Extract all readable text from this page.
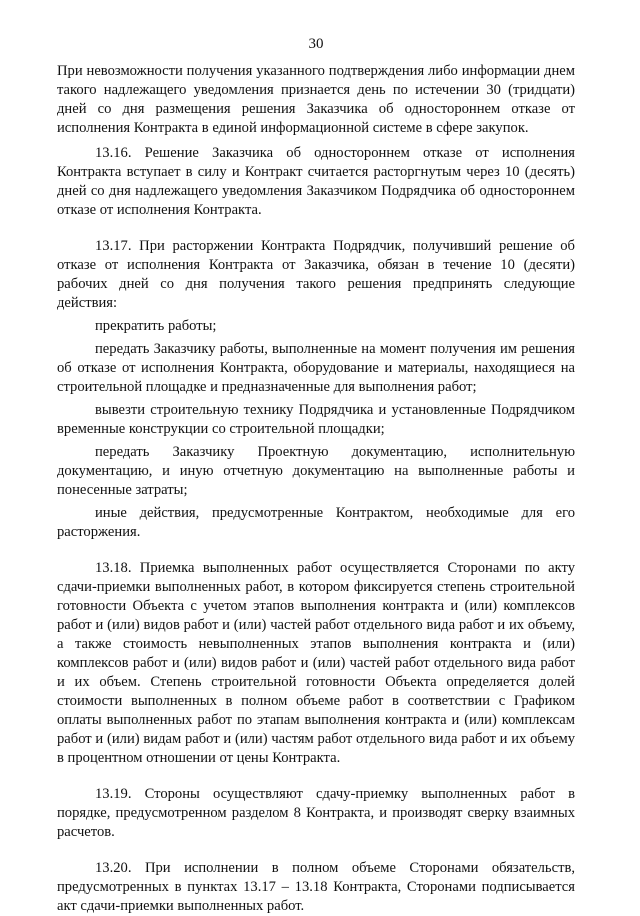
30

При невозможности получения указанного подтверждения либо информации днем такого надлежащего уведомления признается день по истечении 30 (тридцати) дней со дня размещения решения Заказчика об одностороннем отказе от исполнения Контракта в единой информационной системе в сфере закупок.

13.16. Решение Заказчика об одностороннем отказе от исполнения Контракта вступает в силу и Контракт считается расторгнутым через 10 (десять) дней со дня надлежащего уведомления Заказчиком Подрядчика об одностороннем отказе от исполнения Контракта.

13.17. При расторжении Контракта Подрядчик, получивший решение об отказе от исполнения Контракта от Заказчика, обязан в течение 10 (десяти) рабочих дней со дня получения такого решения предпринять следующие действия:

прекратить работы;

передать Заказчику работы, выполненные на момент получения им решения об отказе от исполнения Контракта, оборудование и материалы, находящиеся на строительной площадке и предназначенные для выполнения работ;

вывезти строительную технику Подрядчика и установленные Подрядчиком временные конструкции со строительной площадки;

передать Заказчику Проектную документацию, исполнительную документацию, и иную отчетную документацию на выполненные работы и понесенные затраты;

иные действия, предусмотренные Контрактом, необходимые для его расторжения.

13.18. Приемка выполненных работ осуществляется Сторонами по акту сдачи-приемки выполненных работ, в котором фиксируется степень строительной готовности Объекта с учетом этапов выполнения контракта и (или) комплексов работ и (или) видов работ и (или) частей работ отдельного вида работ и их объему, а также стоимость невыполненных этапов выполнения контракта и (или) комплексов работ и (или) видов работ и (или) частей работ отдельного вида работ и их объем. Степень строительной готовности Объекта определяется долей стоимости выполненных в полном объеме работ в соответствии с Графиком оплаты выполненных работ по этапам выполнения контракта и (или) комплексам работ и (или) видам работ и (или) частям работ отдельного вида работ и их объему в процентном отношении от цены Контракта.

13.19. Стороны осуществляют сдачу-приемку выполненных работ в порядке, предусмотренном разделом 8 Контракта, и производят сверку взаимных расчетов.

13.20. При исполнении в полном объеме Сторонами обязательств, предусмотренных в пунктах 13.17 – 13.18 Контракта, Сторонами подписывается акт сдачи-приемки выполненных работ.
